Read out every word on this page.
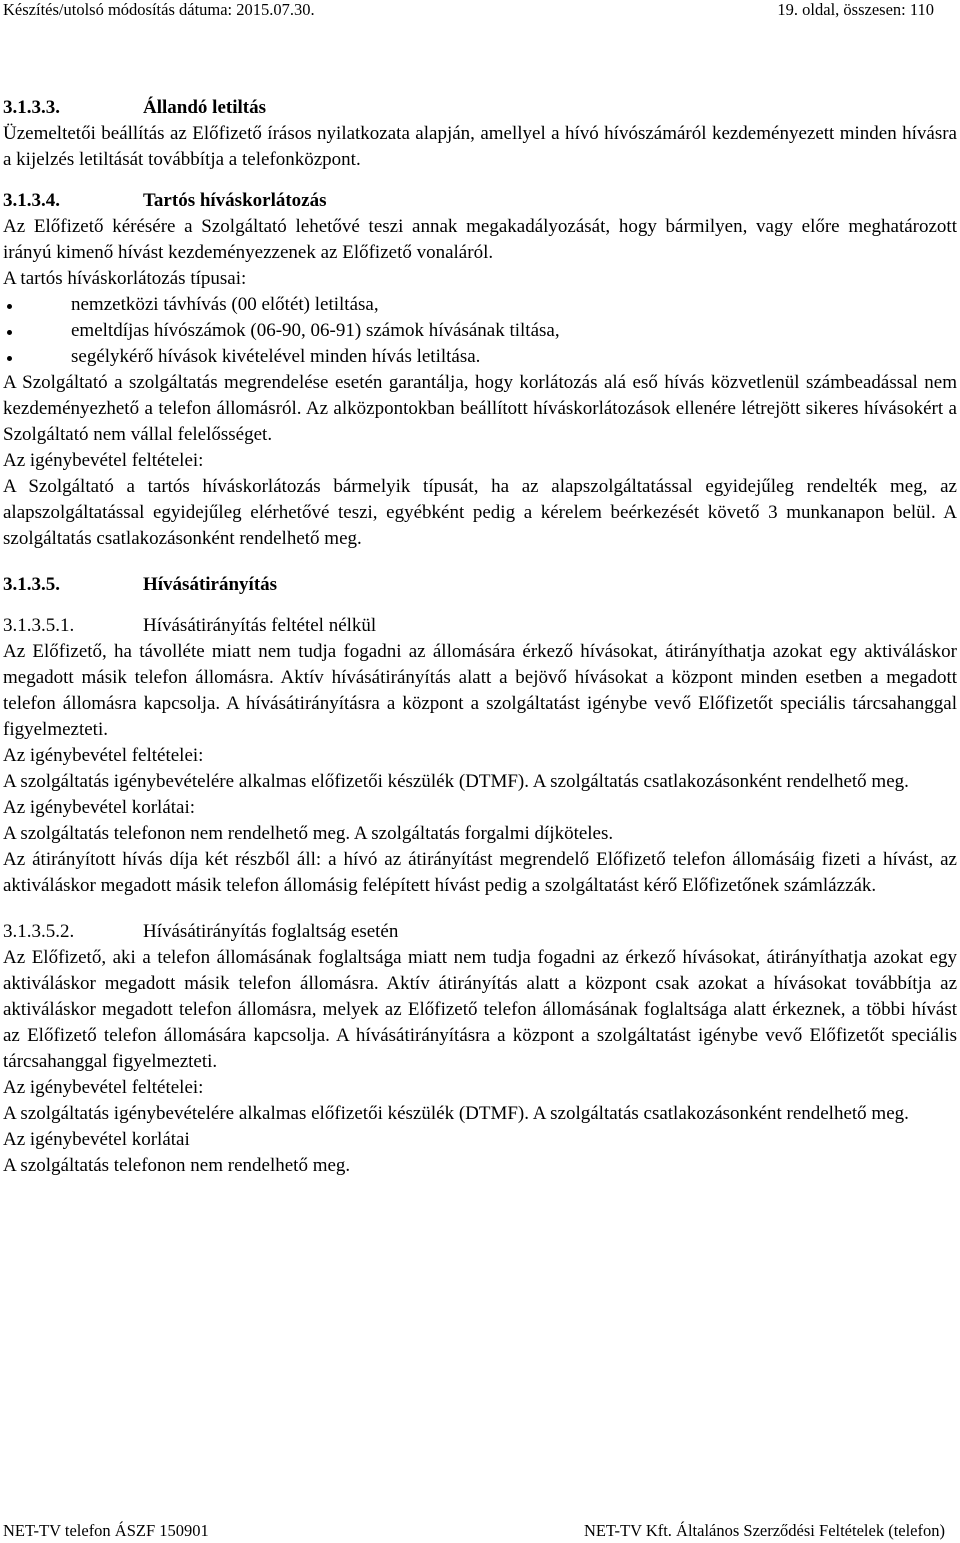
Készítés/utolsó módosítás dátuma: 2015.07.30.	19. oldal, összesen: 110
3.1.3.3.	Állandó letiltás

Üzemeltetői beállítás az Előfizető írásos nyilatkozata alapján, amellyel a hívó hívószámáról kezdeményezett minden hívásra a kijelzés letiltását továbbítja a telefonközpont.

3.1.3.4.	Tartós híváskorlátozás

Az Előfizető kérésére a Szolgáltató lehetővé teszi annak megakadályozását, hogy bármilyen, vagy előre meghatározott irányú kimenő hívást kezdeményezzenek az Előfizető vonaláról.

A tartós híváskorlátozás típusai:

nemzetközi távhívás (00 előtét) letiltása,
emeltdíjas hívószámok (06-90, 06-91) számok hívásának tiltása,
segélykérő hívások kivételével minden hívás letiltása.

A Szolgáltató a szolgáltatás megrendelése esetén garantálja, hogy korlátozás alá eső hívás közvetlenül számbeadással nem kezdeményezhető a telefon állomásról. Az alközpontokban beállított híváskorlátozások ellenére létrejött sikeres hívásokért a Szolgáltató nem vállal felelősséget.

Az igénybevétel feltételei:

A Szolgáltató a tartós híváskorlátozás bármelyik típusát, ha az alapszolgáltatással egyidejűleg rendelték meg, az alapszolgáltatással egyidejűleg elérhetővé teszi, egyébként pedig a kérelem beérkezését követő 3 munkanapon belül. A szolgáltatás csatlakozásonként rendelhető meg.

3.1.3.5.	Hívásátirányítás
3.1.3.5.1.	Hívásátirányítás feltétel nélkül

Az Előfizető, ha távolléte miatt nem tudja fogadni az állomására érkező hívásokat, átirányíthatja azokat egy aktiváláskor megadott másik telefon állomásra. Aktív hívásátirányítás alatt a bejövő hívásokat a központ minden esetben a megadott telefon állomásra kapcsolja. A hívásátirányításra a központ a szolgáltatást igénybe vevő Előfizetőt speciális tárcsahanggal figyelmezteti.

Az igénybevétel feltételei:

A szolgáltatás igénybevételére alkalmas előfizetői készülék (DTMF). A szolgáltatás csatlakozásonként rendelhető meg.

Az igénybevétel korlátai:

A szolgáltatás telefonon nem rendelhető meg. A szolgáltatás forgalmi díjköteles.

Az átirányított hívás díja két részből áll: a hívó az átirányítást megrendelő Előfizető telefon állomásáig fizeti a hívást, az aktiváláskor megadott másik telefon állomásig felépített hívást pedig a szolgáltatást kérő Előfizetőnek számlázzák.

3.1.3.5.2.	Hívásátirányítás foglaltság esetén

Az Előfizető, aki a telefon állomásának foglaltsága miatt nem tudja fogadni az érkező hívásokat, átirányíthatja azokat egy aktiváláskor megadott másik telefon állomásra. Aktív átirányítás alatt a központ csak azokat a hívásokat továbbítja az aktiváláskor megadott telefon állomásra, melyek az Előfizető telefon állomásának foglaltsága alatt érkeznek, a többi hívást az Előfizető telefon állomására kapcsolja. A hívásátirányításra a központ a szolgáltatást igénybe vevő Előfizetőt speciális tárcsahanggal figyelmezteti.

Az igénybevétel feltételei:

A szolgáltatás igénybevételére alkalmas előfizetői készülék (DTMF). A szolgáltatás csatlakozásonként rendelhető meg.

Az igénybevétel korlátai

A szolgáltatás telefonon nem rendelhető meg.

NET-TV telefon ÁSZF 150901	NET-TV Kft. Általános Szerződési Feltételek (telefon)
